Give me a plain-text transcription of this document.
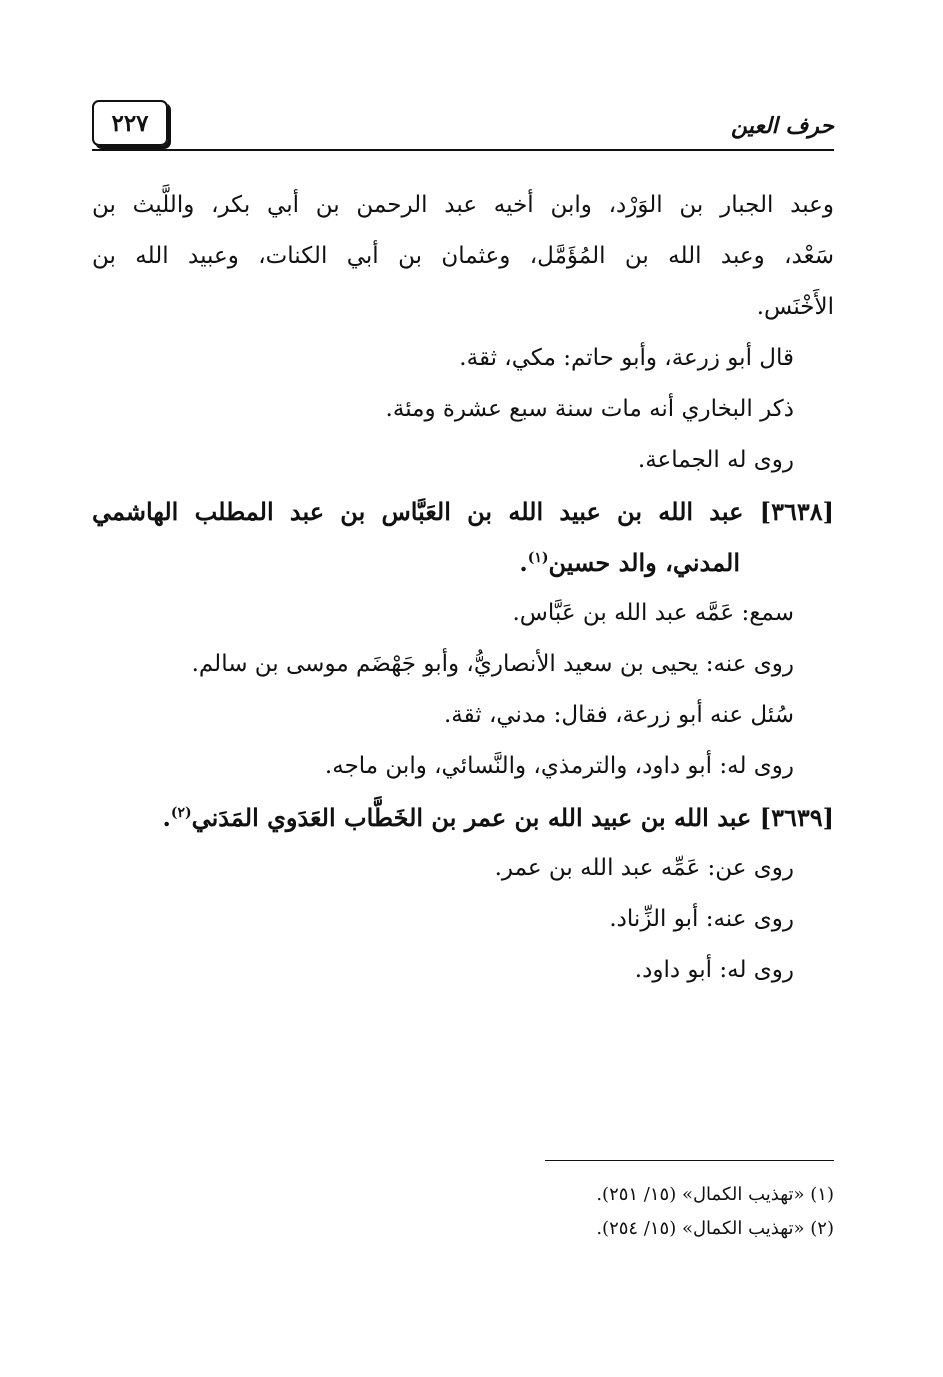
٢٢٧	حرف العين
وعبد الجبار بن الوَرْد، وابن أخيه عبد الرحمن بن أبي بكر، واللَّيث بن
سَعْد، وعبد الله بن المُؤَمَّل، وعثمان بن أبي الكنات، وعبيد الله بن
الأَخْنَس.
قال أبو زرعة، وأبو حاتم: مكي، ثقة.
ذكر البخاري أنه مات سنة سبع عشرة ومئة.
روى له الجماعة.
[٣٦٣٨] عبد الله بن عبيد الله بن العَبَّاس بن عبد المطلب الهاشمي
المدني، والد حسين$^{(١)}$.
سمع: عَمَّه عبد الله بن عَبَّاس.
روى عنه: يحيى بن سعيد الأنصاريُّ، وأبو جَهْضَم موسى بن سالم.
سُئل عنه أبو زرعة، فقال: مدني، ثقة.
روى له: أبو داود، والترمذي، والنَّسائي، وابن ماجه.
[٣٦٣٩] عبد الله بن عبيد الله بن عمر بن الخَطَّاب العَدَوي المَدَني$^{(٢)}$.
روى عن: عَمِّه عبد الله بن عمر.
روى عنه: أبو الزِّناد.
روى له: أبو داود.
(١) «تهذيب الكمال» (١٥/ ٢٥١).
(٢) «تهذيب الكمال» (١٥/ ٢٥٤).
